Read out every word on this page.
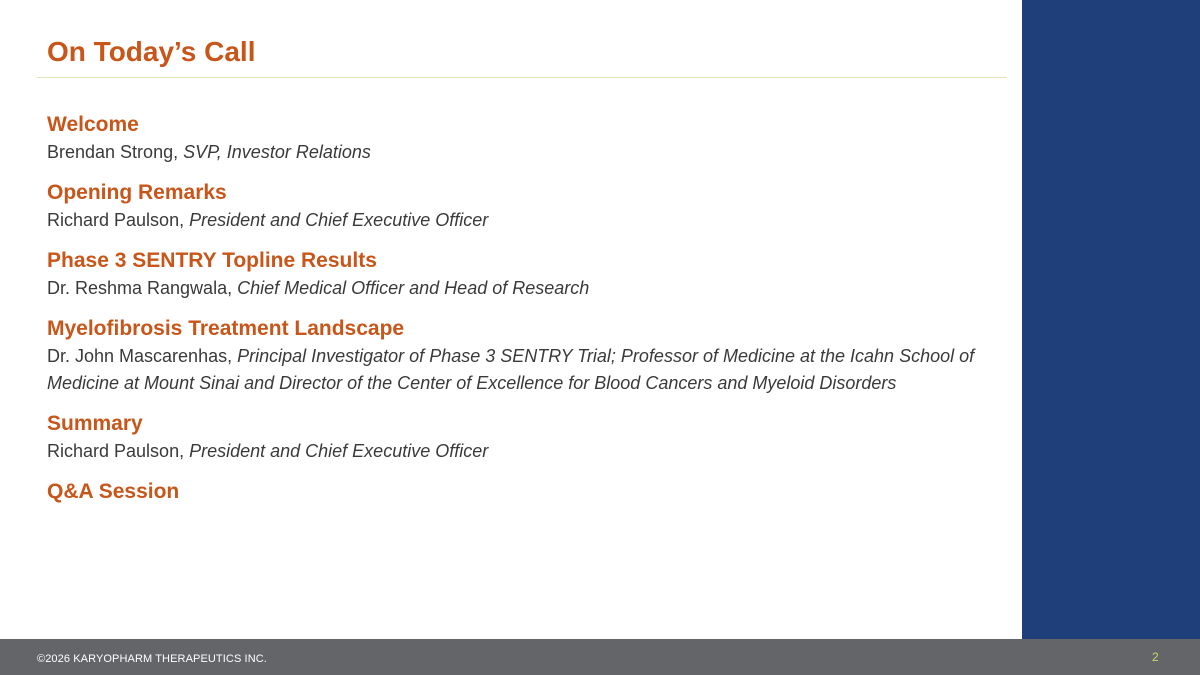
On Today’s Call
Welcome
Brendan Strong, SVP, Investor Relations
Opening Remarks
Richard Paulson, President and Chief Executive Officer
Phase 3 SENTRY Topline Results
Dr. Reshma Rangwala, Chief Medical Officer and Head of Research
Myelofibrosis Treatment Landscape
Dr. John Mascarenhas, Principal Investigator of Phase 3 SENTRY Trial; Professor of Medicine at the Icahn School of Medicine at Mount Sinai and Director of the Center of Excellence for Blood Cancers and Myeloid Disorders
Summary
Richard Paulson, President and Chief Executive Officer
Q&A Session
©2026 KARYOPHARM THERAPEUTICS INC.	2
